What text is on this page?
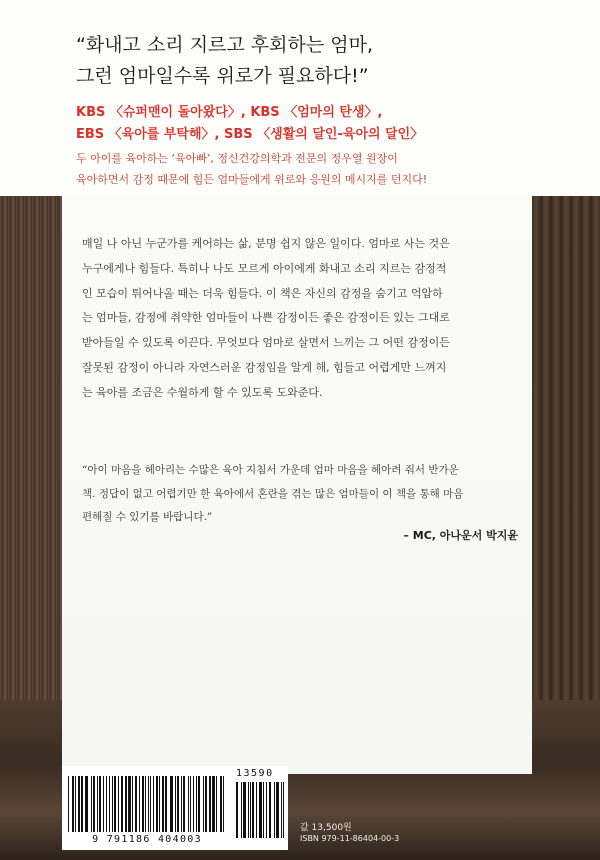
“화내고 소리 지르고 후회하는 엄마,
그런 엄마일수록 위로가 필요하다!”
KBS 〈슈퍼맨이 돌아왔다〉, KBS 〈엄마의 탄생〉,
EBS 〈육아를 부탁해〉, SBS 〈생활의 달인-육아의 달인〉
두 아이를 육아하는 ‘육아빠’, 정신건강의학과 전문의 정우열 원장이
육아하면서 감정 때문에 힘든 엄마들에게 위로와 응원의 메시지를 던지다!
매일 나 아닌 누군가를 케어하는 삶, 분명 쉽지 않은 일이다. 엄마로 사는 것은
누구에게나 힘들다. 특히나 나도 모르게 아이에게 화내고 소리 지르는 감정적
인 모습이 튀어나올 때는 더욱 힘들다. 이 책은 자신의 감정을 숨기고 억압하
는 엄마들, 감정에 취약한 엄마들이 나쁜 감정이든 좋은 감정이든 있는 그대로
받아들일 수 있도록 이끈다. 무엇보다 엄마로 살면서 느끼는 그 어떤 감정이든
잘못된 감정이 아니라 자연스러운 감정임을 알게 해, 힘들고 어렵게만 느껴지
는 육아를 조금은 수월하게 할 수 있도록 도와준다.
“아이 마음을 헤아리는 수많은 육아 지침서 가운데 엄마 마음을 헤아려 줘서 반가운
책. 정답이 없고 어렵기만 한 육아에서 혼란을 겪는 많은 엄마들이 이 책을 통해 마음
편해질 수 있기를 바랍니다.”
– MC, 아나운서 박지윤
9 791186 404003
13590
값 13,500원
ISBN 979-11-86404-00-3
